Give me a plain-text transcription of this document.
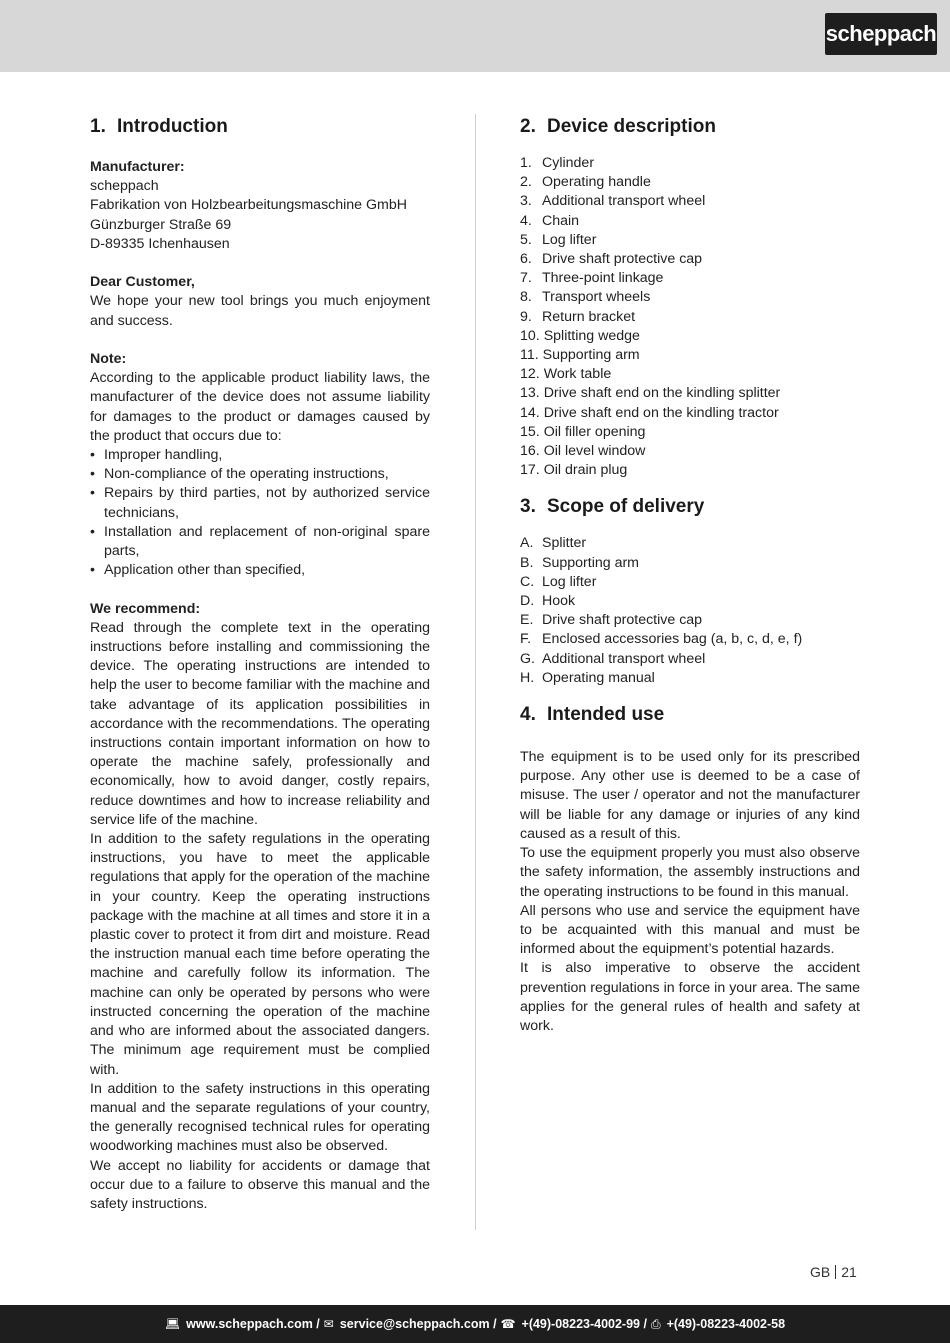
scheppach
1. Introduction
Manufacturer:
scheppach
Fabrikation von Holzbearbeitungsmaschine GmbH
Günzburger Straße 69
D-89335 Ichenhausen
Dear Customer,

We hope your new tool brings you much enjoyment and success.

Note:

According to the applicable product liability laws, the manufacturer of the device does not assume liability for damages to the product or damages caused by the product that occurs due to:

• Improper handling,
• Non-compliance of the operating instructions,
• Repairs by third parties, not by authorized service technicians,
• Installation and replacement of non-original spare parts,
• Application other than specified,
We recommend:

Read through the complete text in the operating instructions before installing and commissioning the device. The operating instructions are intended to help the user to become familiar with the machine and take advantage of its application possibilities in accordance with the recommendations. The operating instructions contain important information on how to operate the machine safely, professionally and economically, how to avoid danger, costly repairs, reduce downtimes and how to increase reliability and service life of the machine.

In addition to the safety regulations in the operating instructions, you have to meet the applicable regulations that apply for the operation of the machine in your country. Keep the operating instructions package with the machine at all times and store it in a plastic cover to protect it from dirt and moisture. Read the instruction manual each time before operating the machine and carefully follow its information. The machine can only be operated by persons who were instructed concerning the operation of the machine and who are informed about the associated dangers. The minimum age requirement must be complied with.

In addition to the safety instructions in this operating manual and the separate regulations of your country, the generally recognised technical rules for operating woodworking machines must also be observed.

We accept no liability for accidents or damage that occur due to a failure to observe this manual and the safety instructions.

2. Device description
1. Cylinder
2. Operating handle
3. Additional transport wheel
4. Chain
5. Log lifter
6. Drive shaft protective cap
7. Three-point linkage
8. Transport wheels
9. Return bracket
10.
Splitting wedge
11.
Supporting arm
12.
Work table
13.
Drive shaft end on the kindling splitter
14.
Drive shaft end on the kindling tractor
15.
Oil filler opening
16.
Oil level window
17.
Oil drain plug
3. Scope of delivery
A. Splitter
B. Supporting arm
C. Log lifter
D. Hook
E. Drive shaft protective cap
F. Enclosed accessories bag (a, b, c, d, e, f)
G. Additional transport wheel
H. Operating manual
4. Intended use

The equipment is to be used only for its prescribed purpose. Any other use is deemed to be a case of misuse. The user / operator and not the manufacturer will be liable for any damage or injuries of any kind caused as a result of this.

To use the equipment properly you must also observe the safety information, the assembly instructions and the operating instructions to be found in this manual.

All persons who use and service the equipment have to be acquainted with this manual and must be informed about the equipment’s potential hazards.

It is also imperative to observe the accident prevention regulations in force in your area. The same applies for the general rules of health and safety at work.

GB 21
💻︎ www.scheppach.com / ✉ service@scheppach.com / ☎ +(49)-08223-4002-99 / ⎙ +(49)-08223-4002-58
